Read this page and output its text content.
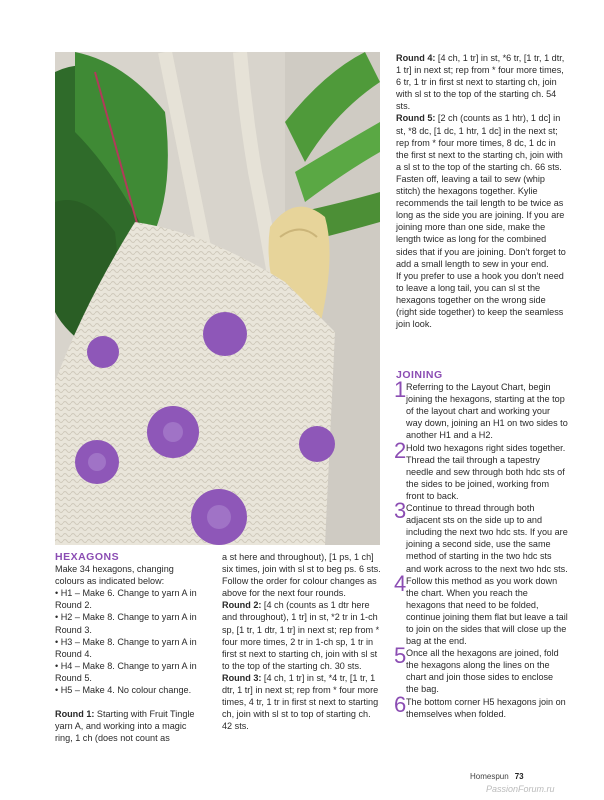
HEXAGONS

Make 34 hexagons, changing colours as indicated below:

• H1 – Make 6. Change to yarn A in Round 2.

• H2 – Make 8. Change to yarn A in Round 3.

• H3 – Make 8. Change to yarn A in Round 4.

• H4 – Make 8. Change to yarn A in Round 5.

• H5 – Make 4. No colour change.

Round 1: Starting with Fruit Tingle yarn A, and working into a magic ring, 1 ch (does not count as

a st here and throughout), [1 ps, 1 ch] six times, join with sl st to beg ps. 6 sts.

Follow the order for colour changes as above for the next four rounds.

Round 2: [4 ch (counts as 1 dtr here and throughout), 1 tr] in st, *2 tr in 1-ch sp, [1 tr, 1 dtr, 1 tr] in next st; rep from * four more times, 2 tr in 1-ch sp, 1 tr in first st next to starting ch, join with sl st to the top of the starting ch. 30 sts.

Round 3: [4 ch, 1 tr] in st, *4 tr, [1 tr, 1 dtr, 1 tr] in next st; rep from * four more times, 4 tr, 1 tr in first st next to starting ch, join with sl st to top of starting ch. 42 sts.

Round 4: [4 ch, 1 tr] in st, *6 tr, [1 tr, 1 dtr, 1 tr] in next st; rep from * four more times, 6 tr, 1 tr in first st next to starting ch, join with sl st to the top of the starting ch. 54 sts.

Round 5: [2 ch (counts as 1 htr), 1 dc] in st, *8 dc, [1 dc, 1 htr, 1 dc] in the next st; rep from * four more times, 8 dc, 1 dc in the first st next to the starting ch, join with a sl st to the top of the starting ch. 66 sts.

Fasten off, leaving a tail to sew (whip stitch) the hexagons together. Kylie recommends the tail length to be twice as long as the side you are joining. If you are joining more than one side, make the length twice as long for the combined sides that if you are joining. Don’t forget to add a small length to sew in your end.

If you prefer to use a hook you don’t need to leave a long tail, you can sl st the hexagons together on the wrong side (right side together) to keep the seamless join look.

JOINING

1 Referring to the Layout Chart, begin joining the hexagons, starting at the top of the layout chart and working your way down, joining an H1 on two sides to another H1 and a H2.

2 Hold two hexagons right sides together. Thread the tail through a tapestry needle and sew through both hdc sts of the sides to be joined, working from front to back.

3 Continue to thread through both adjacent sts on the side up to and including the next two hdc sts. If you are joining a second side, use the same method of starting in the two hdc sts and work across to the next two hdc sts.

4 Follow this method as you work down the chart. When you reach the hexagons that need to be folded, continue joining them flat but leave a tail to join on the sides that will close up the bag at the end.

5 Once all the hexagons are joined, fold the hexagons along the lines on the chart and join those sides to enclose the bag.

6 The bottom corner H5 hexagons join on themselves when folded.

Homespun 73
PassionForum.ru
